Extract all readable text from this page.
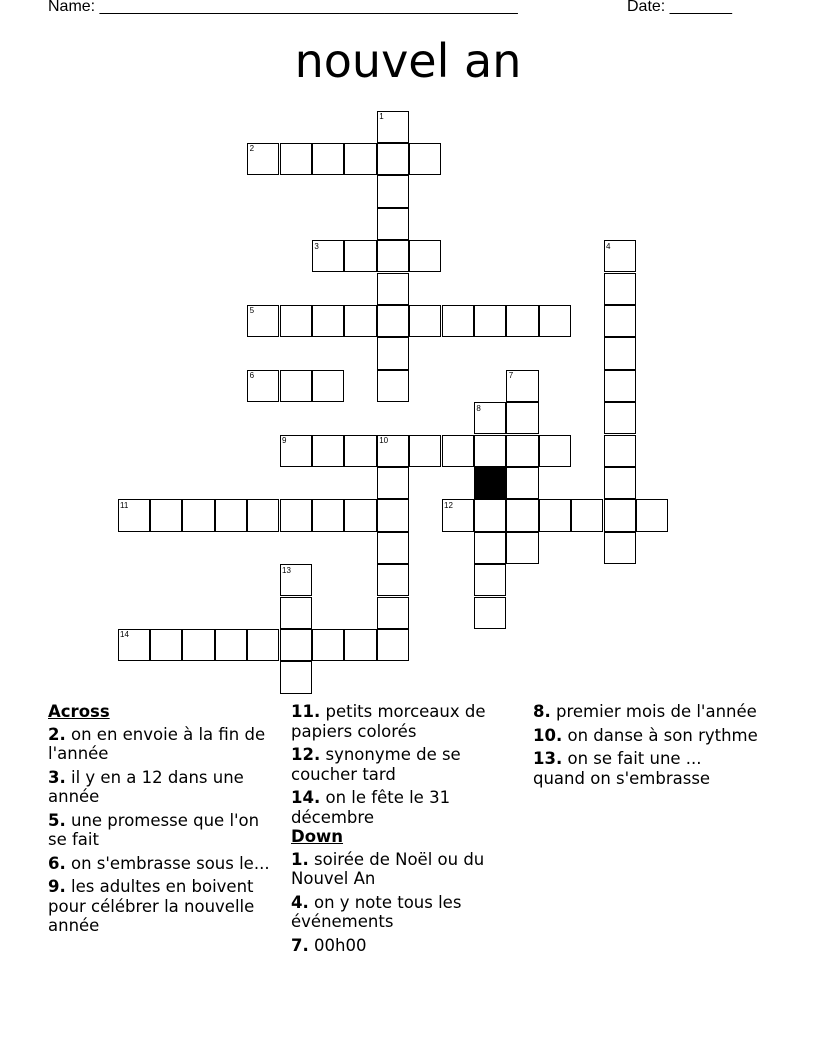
Name: _______________________________________________	Date: _______
nouvel an
1
2
3	4
5
6	7
8
9	10
11	12
13
14
Across
2. on en envoie à la fin de l'année
3. il y en a 12 dans une année
5. une promesse que l'on se fait
6. on s'embrasse sous le...
9. les adultes en boivent pour célébrer la nouvelle année
11. petits morceaux de papiers colorés
12. synonyme de se coucher tard
14. on le fête le 31 décembre
Down
1. soirée de Noël ou du Nouvel An
4. on y note tous les événements
7. 00h00
8. premier mois de l'année
10. on danse à son rythme
13. on se fait une ... quand on s'embrasse
